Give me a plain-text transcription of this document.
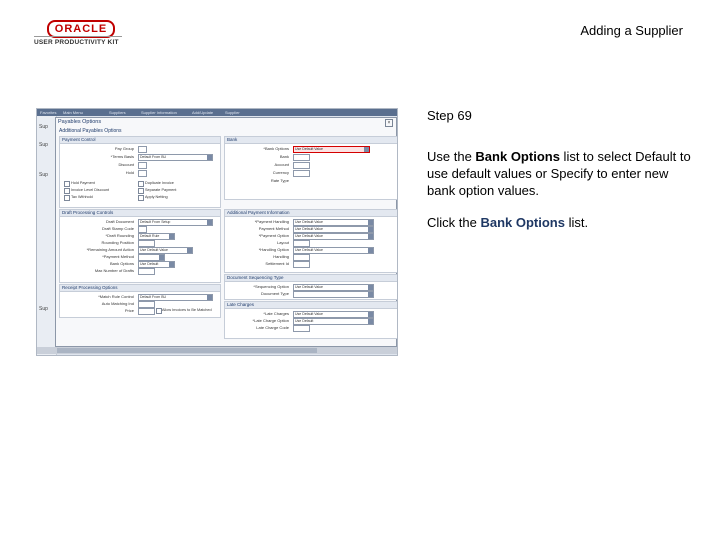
ORACLE
USER PRODUCTIVITY KIT
Adding a Supplier
Favorites Main Menu	Suppliers	Supplier Information	Add/Update	Supplier
Sup
Sup
Sup
Sup
Payables Options	×
Additional Payables Options
Payment Control
Pay Group
*Terms Basis	Default From BU
Discount
Hold
Hold Payment
Invoice Level Discount
Tax Withhold
Duplicate Invoice
Separate Payment
Apply Netting
Bank
*Bank Options	Use Default Value
Bank
Account
Currency
Rate Type
Draft Processing Controls
Draft Document	Default From Setup
Draft Stamp Code
*Draft Rounding	Default Rule
Rounding Position
*Remaining Amount Action	Use Default Value
*Payment Method
Bank Options	Use Default
Max Number of Drafts
Additional Payment Information
*Payment Handling	Use Default Value
Payment Method	Use Default Value
*Payment Option	Use Default Value
Layout
*Handling Option	Use Default Value
Handling
Settlement Id
Receipt Processing Options
*Match Rule Control	Default From BU
Auto Matching Ind
Price	Allow Invoices to Be Matched
Document Sequencing Type
*Sequencing Option	Use Default Value
Document Type
Late Charges
*Late Charges	Use Default Value
*Late Charge Option	Use Default
Late Charge Code
Step 69
Use the Bank Options list to select Default to use default values or Specify to enter new bank option values.
Click the Bank Options list.
